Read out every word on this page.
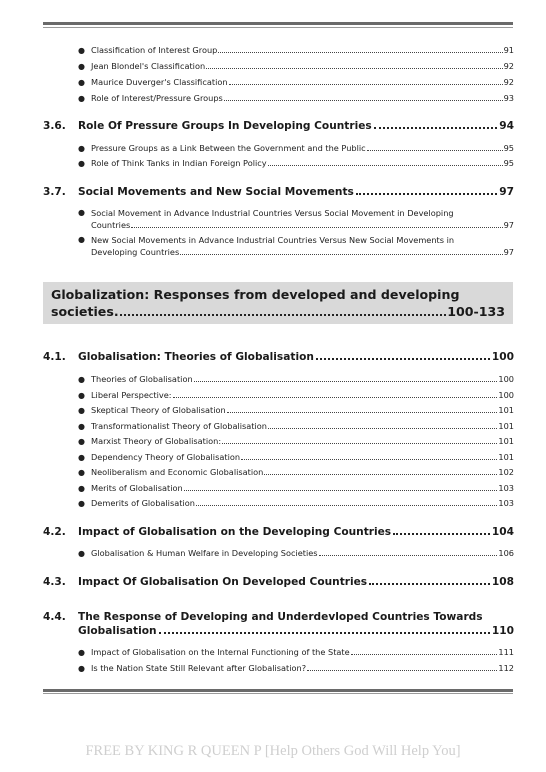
● Classification of Interest Group	91
● Jean Blondel's Classification	92
● Maurice Duverger's Classification	92
● Role of Interest/Pressure Groups	93
3.6.	Role Of Pressure Groups In Developing Countries	94
● Pressure Groups as a Link Between the Government and the Public	95
● Role of Think Tanks in Indian Foreign Policy	95
3.7.	Social Movements and New Social Movements	97
● Social Movement in Advance Industrial Countries Versus Social Movement in Developing
Countries	97
● New Social Movements in Advance Industrial Countries Versus New Social Movements in
Developing Countries	97
Globalization: Responses from developed and developing
societies.	100-133
4.1.	Globalisation: Theories of Globalisation	100
● Theories of Globalisation	100
● Liberal Perspective:	100
● Skeptical Theory of Globalisation	101
● Transformationalist Theory of Globalisation	101
● Marxist Theory of Globalisation:	101
● Dependency Theory of Globalisation	101
● Neoliberalism and Economic Globalisation	102
● Merits of Globalisation	103
● Demerits of Globalisation	103
4.2.	Impact of Globalisation on the Developing Countries	104
● Globalisation & Human Welfare in Developing Societies	106
4.3.	Impact Of Globalisation On Developed Countries	108
4.4.	The Response of Developing and Underdevloped Countries Towards
Globalisation	110
● Impact of Globalisation on the Internal Functioning of the State	111
● Is the Nation State Still Relevant after Globalisation?	112
FREE BY KING R QUEEN P [Help Others God Will Help You]
